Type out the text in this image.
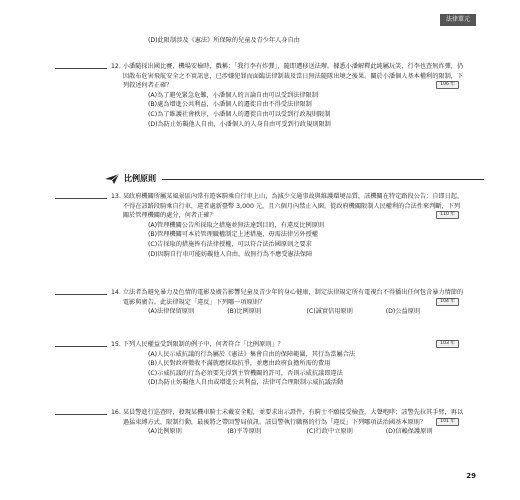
法律單元
(D)此限制涉及《憲法》所保障的兒童及青少年人身自由
12. 小潘隨採出國比賽，機場安檢時，戲稱：「我行李有炸彈」，隨即遭移送法辦。據悉小潘解釋此純屬玩笑，行李也查無炸彈，仍因散布危害飛航安全之不實訊息，已涉嫌犯罪而面臨法律制裁及當日無法隨隊出境之後果。關於小潘個人基本權利的限制，下列敘述何者正確？	106 年
(A)為了避免緊急危難，小潘個人的言論自由可以受到法律限制
(B)處為增進公共利益，小潘個人的遷徙自由不得受法律限制
(C)為了維護社會秩序，小潘個人的遷徙自由可以受到行政規則限制
(D)為防止妨礙他人自由，小潘個人的人身自由可受到行政規則限制
比例原則
13. 某政府機關所屬某風景區內常有遊客騎乘自行車上山，為減少交通事故與維護環境品質，該機關在特定路段公告：自即日起，不得在該路段騎乘自行車，違者處新臺幣 3,000 元，且六個月內禁止入園。從政府機關限制人民權利的合法性來判斷，下列關於管理機關的處分，何者正確？	110 年
(A)管理機關公告所採取之措施並無法達到目的，有違反比例原則
(B)管理機關可本於管理職權制定上述措施，毋需法律另外授權
(C)告採取的措施皆有法律授權，可以符合法治國原則之要求
(D)因騎自行車可能妨礙他人自由，故無行為不應受憲法保障
14. 立法者為避免暴力及色情的電影及廣告影響兒童及青少年的身心健康，制定法律規定所有電視台不得播出任何包含暴力情節的電影與廣告。此法律規定「違反」下列哪一項原則？	104 年
(A)法律保留原則	(B)比例原則	(C)誠實信用原則	(D)公益原則
15. 下列人民權益受到限制的例子中，何者符合「比例原則」？	103 年
(A)人民示威抗議的行為屬於《憲法》集會自由的保障範圍，其行為當屬合法
(B)人民對政府徵收不滿就應採取抗爭，並應由政府負擔所需的費用
(C)示威抗議的行為必須要先得到主管機關的許可，否則示威抗議即違法
(D)為防止妨礙他人自由或增進公共利益，法律可合理限制示威抗議活動
16. 某員警進行巡查時，發現某機車騎士未戴安全帽，並要求出示證件，有騎士不願接受檢查，大聲咆哮；該警先拉其手臂，再以過猛束縛方式，限制行動，最後將之帶回警局偵訊。該員警執行職務的行為「違反」下列哪項法治國基本原則？	101 年
(A)比例原則	(B)平等原則	(C)行政中立原則	(D)信賴保護原則
29
